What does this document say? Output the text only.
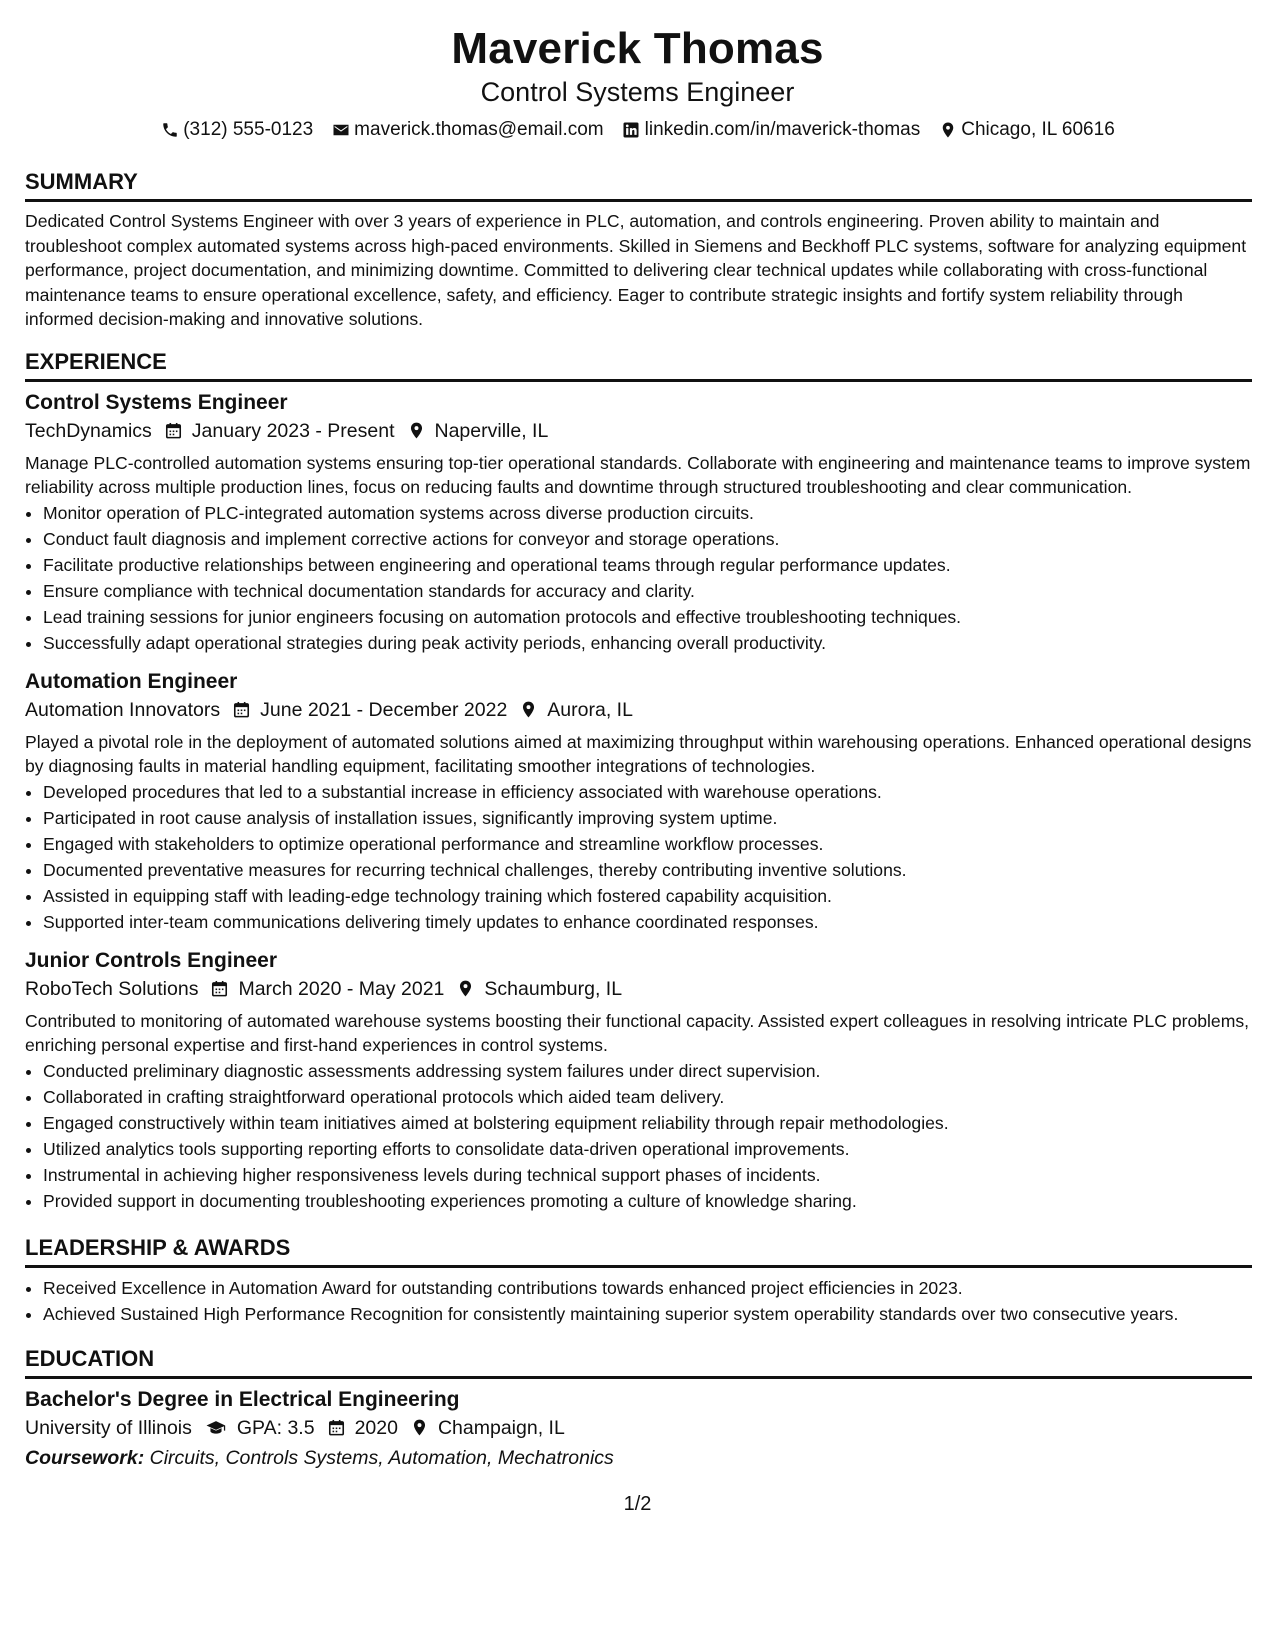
Maverick Thomas
Control Systems Engineer
(312) 555-0123 maverick.thomas@email.com linkedin.com/in/maverick-thomas Chicago, IL 60616
SUMMARY

Dedicated Control Systems Engineer with over 3 years of experience in PLC, automation, and controls engineering. Proven ability to maintain and troubleshoot complex automated systems across high-paced environments. Skilled in Siemens and Beckhoff PLC systems, software for analyzing equipment performance, project documentation, and minimizing downtime. Committed to delivering clear technical updates while collaborating with cross-functional maintenance teams to ensure operational excellence, safety, and efficiency. Eager to contribute strategic insights and fortify system reliability through informed decision-making and innovative solutions.

EXPERIENCE
Control Systems Engineer
TechDynamics January 2023 - Present Naperville, IL

Manage PLC-controlled automation systems ensuring top-tier operational standards. Collaborate with engineering and maintenance teams to improve system reliability across multiple production lines, focus on reducing faults and downtime through structured troubleshooting and clear communication.

• Monitor operation of PLC-integrated automation systems across diverse production circuits.
• Conduct fault diagnosis and implement corrective actions for conveyor and storage operations.
• Facilitate productive relationships between engineering and operational teams through regular performance updates.
• Ensure compliance with technical documentation standards for accuracy and clarity.
• Lead training sessions for junior engineers focusing on automation protocols and effective troubleshooting techniques.
• Successfully adapt operational strategies during peak activity periods, enhancing overall productivity.
Automation Engineer
Automation Innovators June 2021 - December 2022 Aurora, IL

Played a pivotal role in the deployment of automated solutions aimed at maximizing throughput within warehousing operations. Enhanced operational designs by diagnosing faults in material handling equipment, facilitating smoother integrations of technologies.

• Developed procedures that led to a substantial increase in efficiency associated with warehouse operations.
• Participated in root cause analysis of installation issues, significantly improving system uptime.
• Engaged with stakeholders to optimize operational performance and streamline workflow processes.
• Documented preventative measures for recurring technical challenges, thereby contributing inventive solutions.
• Assisted in equipping staff with leading-edge technology training which fostered capability acquisition.
• Supported inter-team communications delivering timely updates to enhance coordinated responses.
Junior Controls Engineer
RoboTech Solutions March 2020 - May 2021 Schaumburg, IL

Contributed to monitoring of automated warehouse systems boosting their functional capacity. Assisted expert colleagues in resolving intricate PLC problems, enriching personal expertise and first-hand experiences in control systems.

• Conducted preliminary diagnostic assessments addressing system failures under direct supervision.
• Collaborated in crafting straightforward operational protocols which aided team delivery.
• Engaged constructively within team initiatives aimed at bolstering equipment reliability through repair methodologies.
• Utilized analytics tools supporting reporting efforts to consolidate data-driven operational improvements.
• Instrumental in achieving higher responsiveness levels during technical support phases of incidents.
• Provided support in documenting troubleshooting experiences promoting a culture of knowledge sharing.
LEADERSHIP & AWARDS
• Received Excellence in Automation Award for outstanding contributions towards enhanced project efficiencies in 2023.
• Achieved Sustained High Performance Recognition for consistently maintaining superior system operability standards over two consecutive years.
EDUCATION
Bachelor's Degree in Electrical Engineering
University of Illinois GPA: 3.5 2020 Champaign, IL
Coursework: Circuits, Controls Systems, Automation, Mechatronics
1/2
